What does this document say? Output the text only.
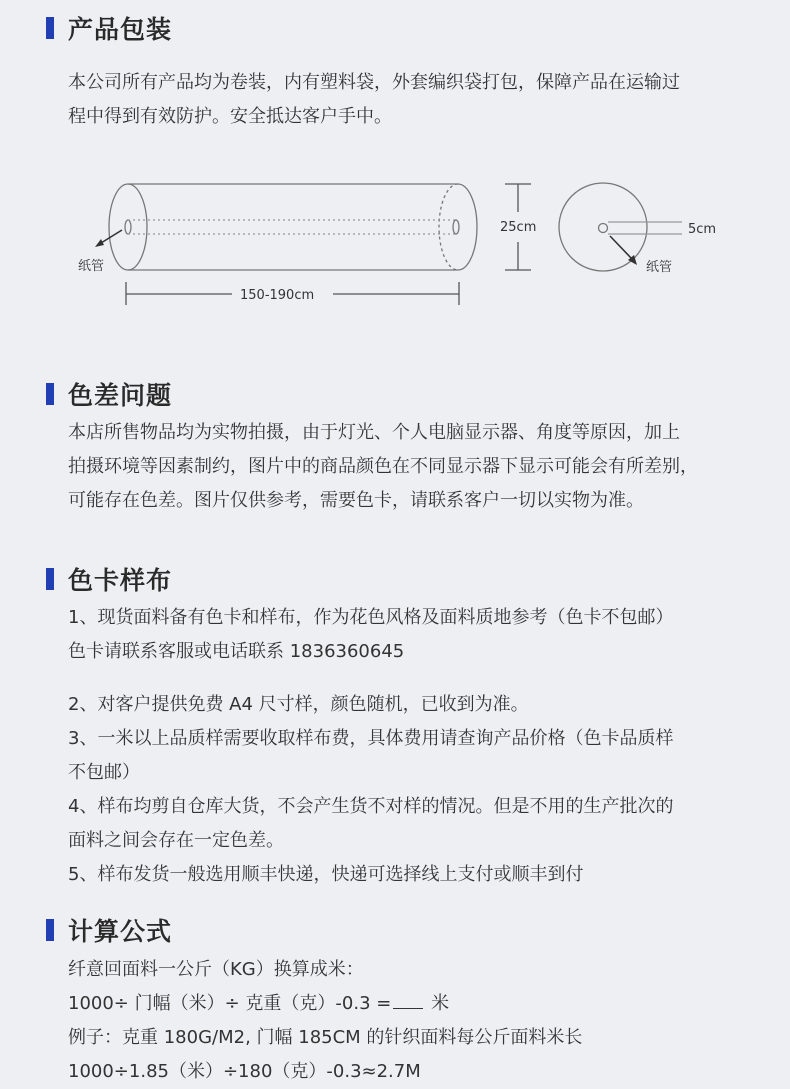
产品包装
本公司所有产品均为卷装，内有塑料袋，外套编织袋打包，保障产品在运输过
程中得到有效防护。安全抵达客户手中。
纸管
150-190cm
25cm	5cm
纸管
色差问题
本店所售物品均为实物拍摄，由于灯光、个人电脑显示器、角度等原因，加上
拍摄环境等因素制约，图片中的商品颜色在不同显示器下显示可能会有所差别，
可能存在色差。图片仅供参考，需要色卡，请联系客户一切以实物为准。
色卡样布
1、现货面料备有色卡和样布，作为花色风格及面料质地参考（色卡不包邮）
色卡请联系客服或电话联系 1836360645
2、对客户提供免费 A4 尺寸样，颜色随机，已收到为准。
3、一米以上品质样需要收取样布费，具体费用请查询产品价格（色卡品质样
不包邮）
4、样布均剪自仓库大货，不会产生货不对样的情况。但是不用的生产批次的
面料之间会存在一定色差。
5、样布发货一般选用顺丰快递，快递可选择线上支付或顺丰到付
计算公式
纤意回面料一公斤（KG）换算成米：
1000÷ 门幅（米）÷ 克重（克）-0.3 = 米
例子：克重 180G/M2, 门幅 185CM 的针织面料每公斤面料米长
1000÷1.85（米）÷180（克）-0.3≈2.7M
